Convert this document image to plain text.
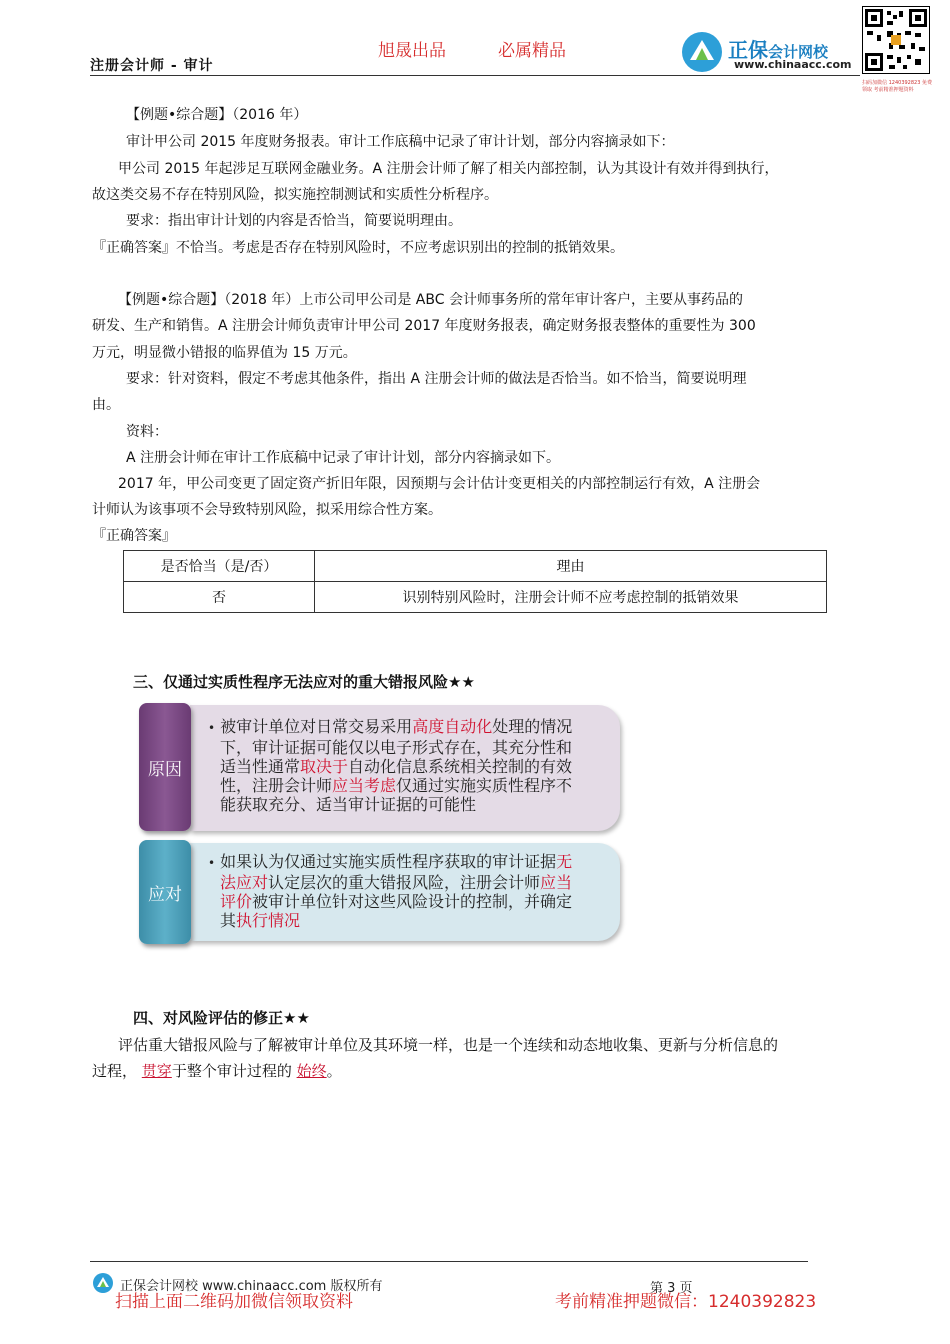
旭晟出品	必属精品
注册会计师 - 审计
正保会计网校
www.chinaacc.com
扫码加微信 1240392823 免费领取 考前精准押题资料
【例题•综合题】（2016 年）
审计甲公司 2015 年度财务报表。审计工作底稿中记录了审计计划，部分内容摘录如下：
甲公司 2015 年起涉足互联网金融业务。A 注册会计师了解了相关内部控制，认为其设计有效并得到执行，
故这类交易不存在特别风险，拟实施控制测试和实质性分析程序。
要求：指出审计计划的内容是否恰当，简要说明理由。
『正确答案』不恰当。考虑是否存在特别风险时，不应考虑识别出的控制的抵销效果。
【例题•综合题】（2018 年）上市公司甲公司是 ABC 会计师事务所的常年审计客户，主要从事药品的
研发、生产和销售。A 注册会计师负责审计甲公司 2017 年度财务报表，确定财务报表整体的重要性为 300
万元，明显微小错报的临界值为 15 万元。
要求：针对资料，假定不考虑其他条件，指出 A 注册会计师的做法是否恰当。如不恰当，简要说明理
由。
资料：
A 注册会计师在审计工作底稿中记录了审计计划，部分内容摘录如下。
2017 年，甲公司变更了固定资产折旧年限，因预期与会计估计变更相关的内部控制运行有效，A 注册会
计师认为该事项不会导致特别风险，拟采用综合性方案。
『正确答案』
是否恰当（是/否）	理由
否	识别特别风险时，注册会计师不应考虑控制的抵销效果
三、仅通过实质性程序无法应对的重大错报风险★★
原因
• 被审计单位对日常交易采用高度自动化处理的情况
下，审计证据可能仅以电子形式存在，其充分性和
适当性通常取决于自动化信息系统相关控制的有效
性，注册会计师应当考虑仅通过实施实质性程序不
能获取充分、适当审计证据的可能性
应对
• 如果认为仅通过实施实质性程序获取的审计证据无
法应对认定层次的重大错报风险，注册会计师应当
评价被审计单位针对这些风险设计的控制，并确定
其执行情况
四、对风险评估的修正★★
评估重大错报风险与了解被审计单位及其环境一样，也是一个连续和动态地收集、更新与分析信息的
过程， 贯穿于整个审计过程的 始终。
正保会计网校 www.chinaacc.com 版权所有	第 3 页
扫描上面二维码加微信领取资料	考前精准押题微信：1240392823
